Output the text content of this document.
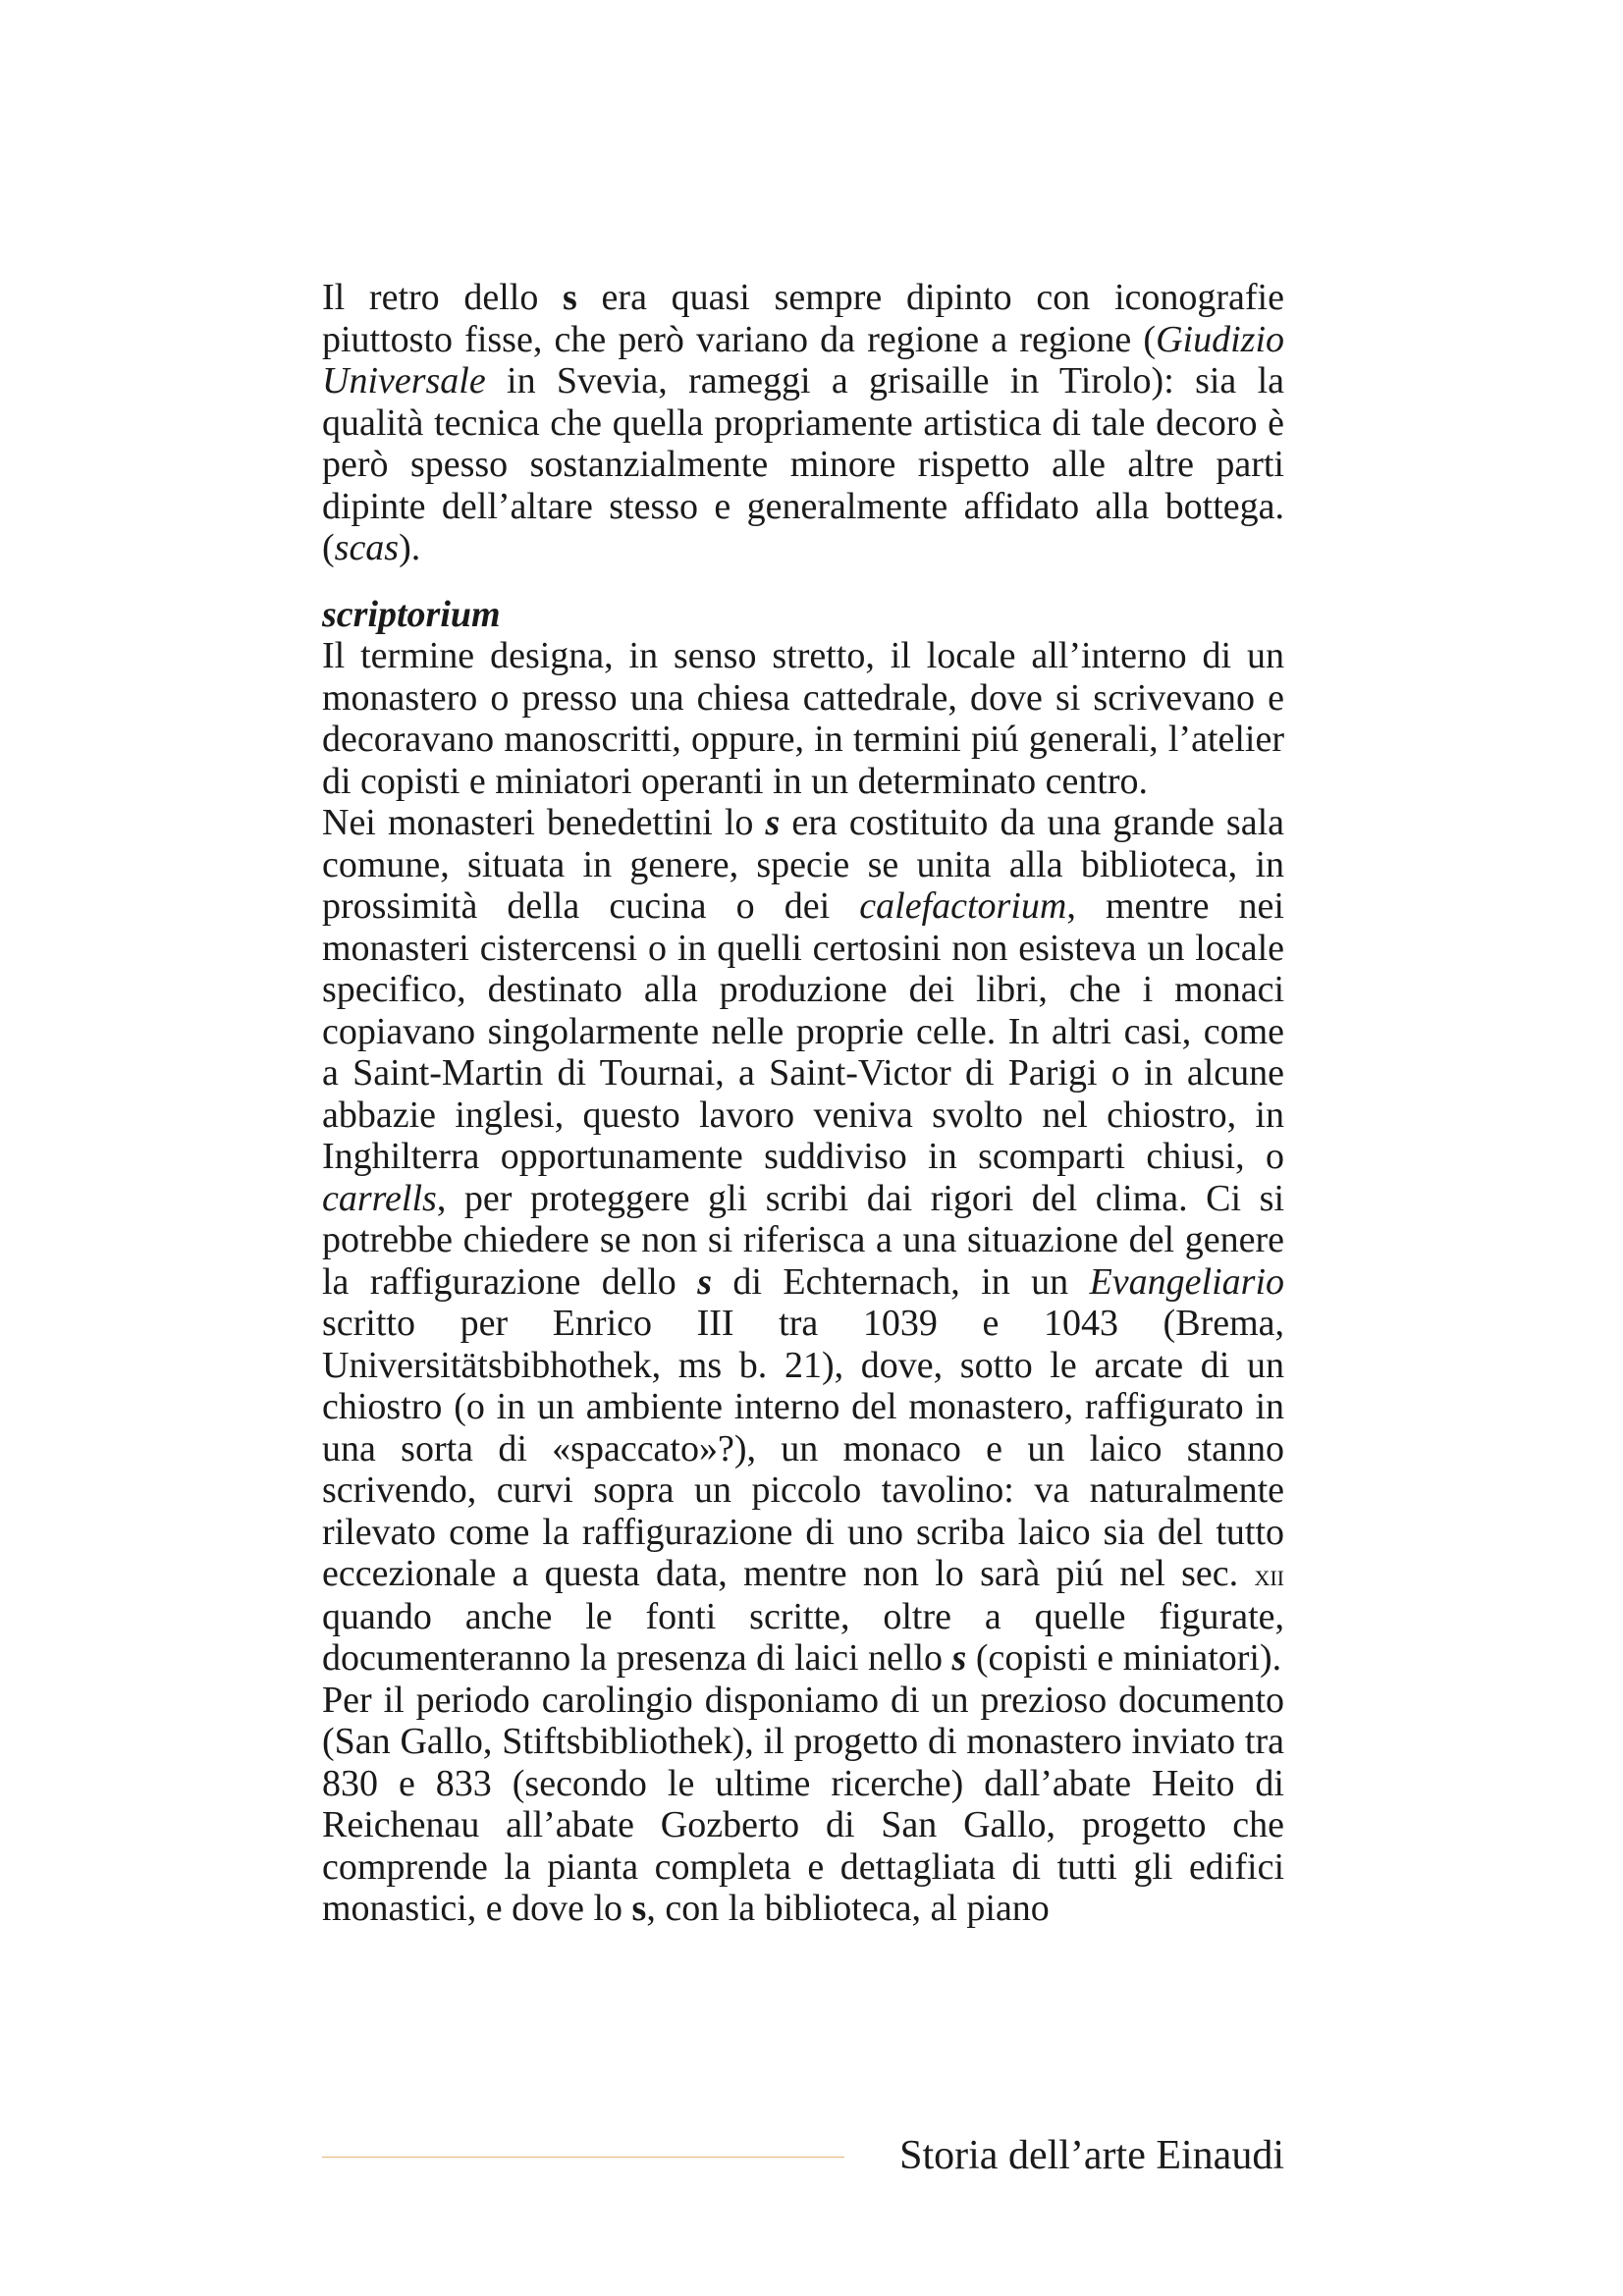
Il retro dello s era quasi sempre dipinto con iconografie piuttosto fisse, che però variano da regione a regione (Giudizio Universale in Svevia, rameggi a grisaille in Tirolo): sia la qualità tecnica che quella propriamente artistica di tale decoro è però spesso sostanzialmente minore rispetto alle altre parti dipinte dell’altare stesso e generalmente affidato alla bottega. (scas).

scriptorium

Il termine designa, in senso stretto, il locale all’interno di un monastero o presso una chiesa cattedrale, dove si scrivevano e decoravano manoscritti, oppure, in termini piú generali, l’atelier di copisti e miniatori operanti in un determinato centro.

Nei monasteri benedettini lo s era costituito da una grande sala comune, situata in genere, specie se unita alla biblioteca, in prossimità della cucina o dei calefactorium, mentre nei monasteri cistercensi o in quelli certosini non esisteva un locale specifico, destinato alla produzione dei libri, che i monaci copiavano singolarmente nelle proprie celle. In altri casi, come a Saint-Martin di Tournai, a Saint-Victor di Parigi o in alcune abbazie inglesi, questo lavoro veniva svolto nel chiostro, in Inghilterra opportunamente suddiviso in scomparti chiusi, o carrells, per proteggere gli scribi dai rigori del clima. Ci si potrebbe chiedere se non si riferisca a una situazione del genere la raffigurazione dello s di Echternach, in un Evangeliario scritto per Enrico III tra 1039 e 1043 (Brema, Universitätsbibhothek, ms b. 21), dove, sotto le arcate di un chiostro (o in un ambiente interno del monastero, raffigurato in una sorta di «spaccato»?), un monaco e un laico stanno scrivendo, curvi sopra un piccolo tavolino: va naturalmente rilevato come la raffigurazione di uno scriba laico sia del tutto eccezionale a questa data, mentre non lo sarà piú nel sec. xii quando anche le fonti scritte, oltre a quelle figurate, documenteranno la presenza di laici nello s (copisti e miniatori).

Per il periodo carolingio disponiamo di un prezioso documento (San Gallo, Stiftsbibliothek), il progetto di monastero inviato tra 830 e 833 (secondo le ultime ricerche) dall’abate Heito di Reichenau all’abate Gozberto di San Gallo, progetto che comprende la pianta completa e dettagliata di tutti gli edifici monastici, e dove lo s, con la biblioteca, al piano

Storia dell’arte Einaudi
